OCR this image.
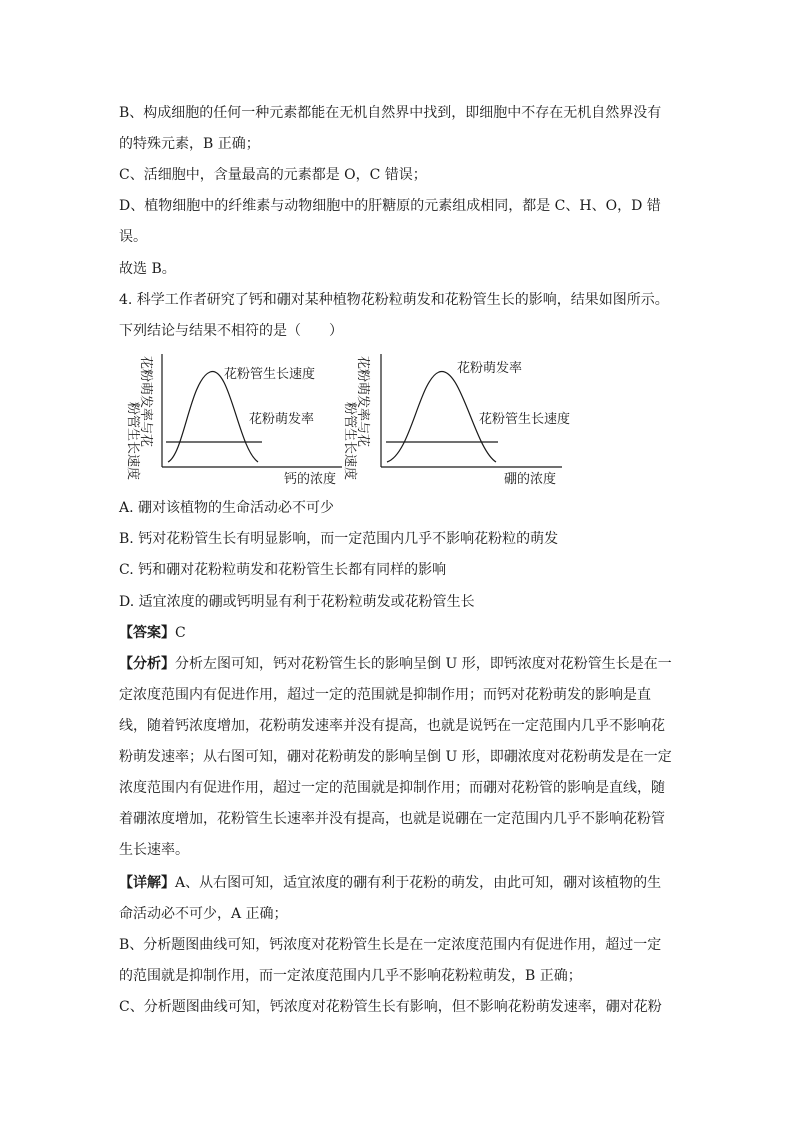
B、构成细胞的任何一种元素都能在无机自然界中找到，即细胞中不存在无机自然界没有
的特殊元素，B 正确；
C、活细胞中，含量最高的元素都是 O，C 错误；
D、植物细胞中的纤维素与动物细胞中的肝糖原的元素组成相同，都是 C、H、O，D 错
误。
故选 B。
4. 科学工作者研究了钙和硼对某种植物花粉粒萌发和花粉管生长的影响，结果如图所示。
下列结论与结果不相符的是（　　）
粉管生长速度
花粉萌发率与花	花粉管生长速度
花粉萌发率
钙的浓度 粉管生长速度
花粉萌发率与花	花粉萌发率
花粉管生长速度
硼的浓度
A. 硼对该植物的生命活动必不可少
B. 钙对花粉管生长有明显影响，而一定范围内几乎不影响花粉粒的萌发
C. 钙和硼对花粉粒萌发和花粉管生长都有同样的影响
D. 适宜浓度的硼或钙明显有利于花粉粒萌发或花粉管生长
【答案】C
【分析】分析左图可知，钙对花粉管生长的影响呈倒 U 形，即钙浓度对花粉管生长是在一
定浓度范围内有促进作用，超过一定的范围就是抑制作用；而钙对花粉萌发的影响是直
线，随着钙浓度增加，花粉萌发速率并没有提高，也就是说钙在一定范围内几乎不影响花
粉萌发速率；从右图可知，硼对花粉萌发的影响呈倒 U 形，即硼浓度对花粉萌发是在一定
浓度范围内有促进作用，超过一定的范围就是抑制作用；而硼对花粉管的影响是直线，随
着硼浓度增加，花粉管生长速率并没有提高，也就是说硼在一定范围内几乎不影响花粉管
生长速率。
【详解】A、从右图可知，适宜浓度的硼有利于花粉的萌发，由此可知，硼对该植物的生
命活动必不可少，A 正确；
B、分析题图曲线可知，钙浓度对花粉管生长是在一定浓度范围内有促进作用，超过一定
的范围就是抑制作用，而一定浓度范围内几乎不影响花粉粒萌发，B 正确；
C、分析题图曲线可知，钙浓度对花粉管生长有影响，但不影响花粉萌发速率，硼对花粉
